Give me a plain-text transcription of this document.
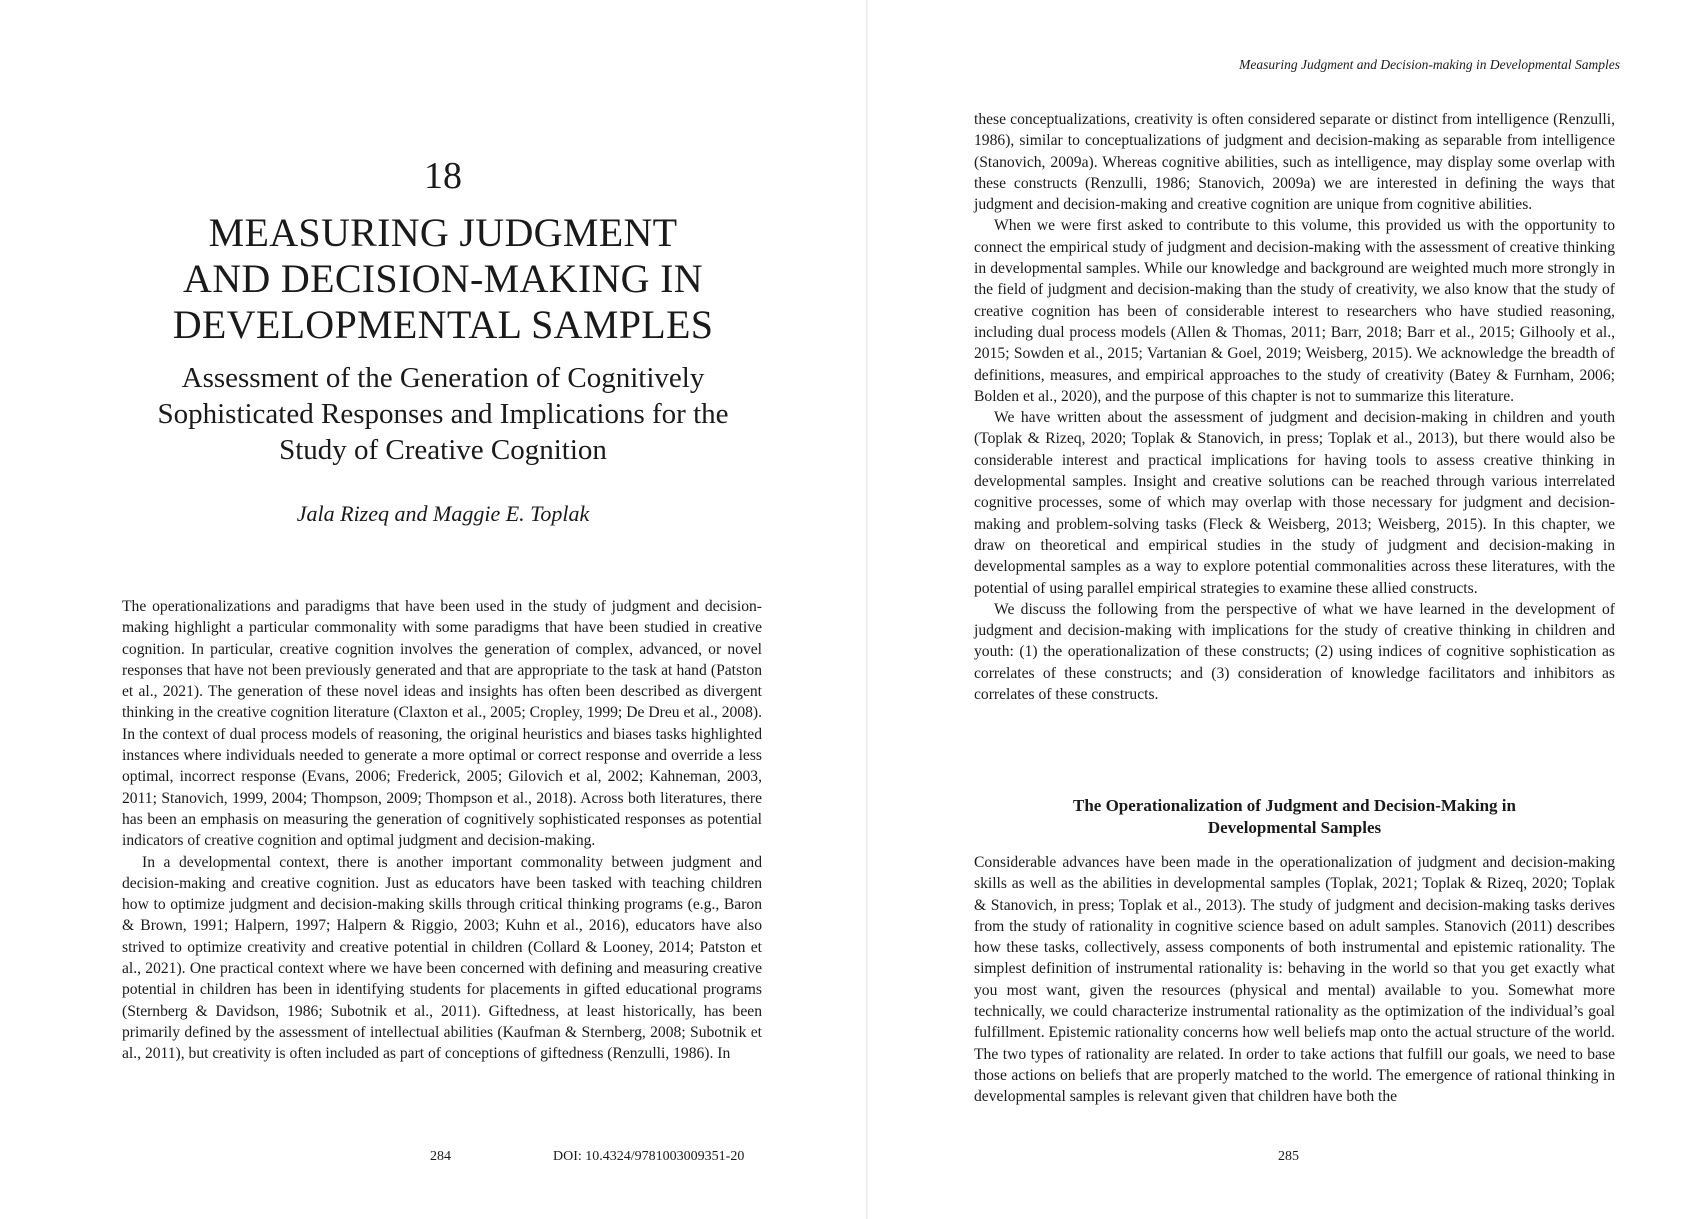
18
MEASURING JUDGMENT
AND DECISION-MAKING IN
DEVELOPMENTAL SAMPLES
Assessment of the Generation of Cognitively
Sophisticated Responses and Implications for the
Study of Creative Cognition
Jala Rizeq and Maggie E. Toplak

The operationalizations and paradigms that have been used in the study of judgment and decision-making highlight a particular commonality with some paradigms that have been studied in creative cognition. In particular, creative cognition involves the generation of complex, advanced, or novel responses that have not been previously generated and that are appropriate to the task at hand (Patston et al., 2021). The generation of these novel ideas and insights has often been described as divergent thinking in the creative cognition literature (Claxton et al., 2005; Cropley, 1999; De Dreu et al., 2008). In the context of dual process models of reasoning, the original heuristics and biases tasks highlighted instances where individuals needed to generate a more optimal or correct response and override a less optimal, incorrect response (Evans, 2006; Frederick, 2005; Gilovich et al, 2002; Kahneman, 2003, 2011; Stanovich, 1999, 2004; Thompson, 2009; Thompson et al., 2018). Across both literatures, there has been an emphasis on measuring the generation of cognitively sophisticated responses as potential indicators of creative cognition and optimal judgment and decision-making.

In a developmental context, there is another important commonality between judgment and decision-making and creative cognition. Just as educators have been tasked with teaching children how to optimize judgment and decision-making skills through critical thinking programs (e.g., Baron & Brown, 1991; Halpern, 1997; Halpern & Riggio, 2003; Kuhn et al., 2016), educators have also strived to optimize creativity and creative potential in children (Collard & Looney, 2014; Patston et al., 2021). One practical context where we have been concerned with defining and measuring creative potential in children has been in identifying students for placements in gifted educational programs (Sternberg & Davidson, 1986; Subotnik et al., 2011). Giftedness, at least historically, has been primarily defined by the assessment of intellectual abilities (Kaufman & Sternberg, 2008; Subotnik et al., 2011), but creativity is often included as part of conceptions of giftedness (Renzulli, 1986). In

284	DOI: 10.4324/9781003009351-20
Measuring Judgment and Decision-making in Developmental Samples

these conceptualizations, creativity is often considered separate or distinct from intelligence (Renzulli, 1986), similar to conceptualizations of judgment and decision-making as separable from intelligence (Stanovich, 2009a). Whereas cognitive abilities, such as intelligence, may display some overlap with these constructs (Renzulli, 1986; Stanovich, 2009a) we are interested in defining the ways that judgment and decision-making and creative cognition are unique from cognitive abilities.

When we were first asked to contribute to this volume, this provided us with the opportunity to connect the empirical study of judgment and decision-making with the assessment of creative thinking in developmental samples. While our knowledge and background are weighted much more strongly in the field of judgment and decision-making than the study of creativity, we also know that the study of creative cognition has been of considerable interest to researchers who have studied reasoning, including dual process models (Allen & Thomas, 2011; Barr, 2018; Barr et al., 2015; Gilhooly et al., 2015; Sowden et al., 2015; Vartanian & Goel, 2019; Weisberg, 2015). We acknowledge the breadth of definitions, measures, and empirical approaches to the study of creativity (Batey & Furnham, 2006; Bolden et al., 2020), and the purpose of this chapter is not to summarize this literature.

We have written about the assessment of judgment and decision-making in children and youth (Toplak & Rizeq, 2020; Toplak & Stanovich, in press; Toplak et al., 2013), but there would also be considerable interest and practical implications for having tools to assess creative thinking in developmental samples. Insight and creative solutions can be reached through various interrelated cognitive processes, some of which may overlap with those necessary for judgment and decision-making and problem-solving tasks (Fleck & Weisberg, 2013; Weisberg, 2015). In this chapter, we draw on theoretical and empirical studies in the study of judgment and decision-making in developmental samples as a way to explore potential commonalities across these literatures, with the potential of using parallel empirical strategies to examine these allied constructs.

We discuss the following from the perspective of what we have learned in the development of judgment and decision-making with implications for the study of creative thinking in children and youth: (1) the operationalization of these constructs; (2) using indices of cognitive sophistication as correlates of these constructs; and (3) consideration of knowledge facilitators and inhibitors as correlates of these constructs.

The Operationalization of Judgment and Decision-Making in
Developmental Samples

Considerable advances have been made in the operationalization of judgment and decision-making skills as well as the abilities in developmental samples (Toplak, 2021; Toplak & Rizeq, 2020; Toplak & Stanovich, in press; Toplak et al., 2013). The study of judgment and decision-making tasks derives from the study of rationality in cognitive science based on adult samples. Stanovich (2011) describes how these tasks, collectively, assess components of both instrumental and epistemic rationality. The simplest definition of instrumental rationality is: behaving in the world so that you get exactly what you most want, given the resources (physical and mental) available to you. Somewhat more technically, we could characterize instrumental rationality as the optimization of the individual’s goal fulfillment. Epistemic rationality concerns how well beliefs map onto the actual structure of the world. The two types of rationality are related. In order to take actions that fulfill our goals, we need to base those actions on beliefs that are properly matched to the world. The emergence of rational thinking in developmental samples is relevant given that children have both the

285
